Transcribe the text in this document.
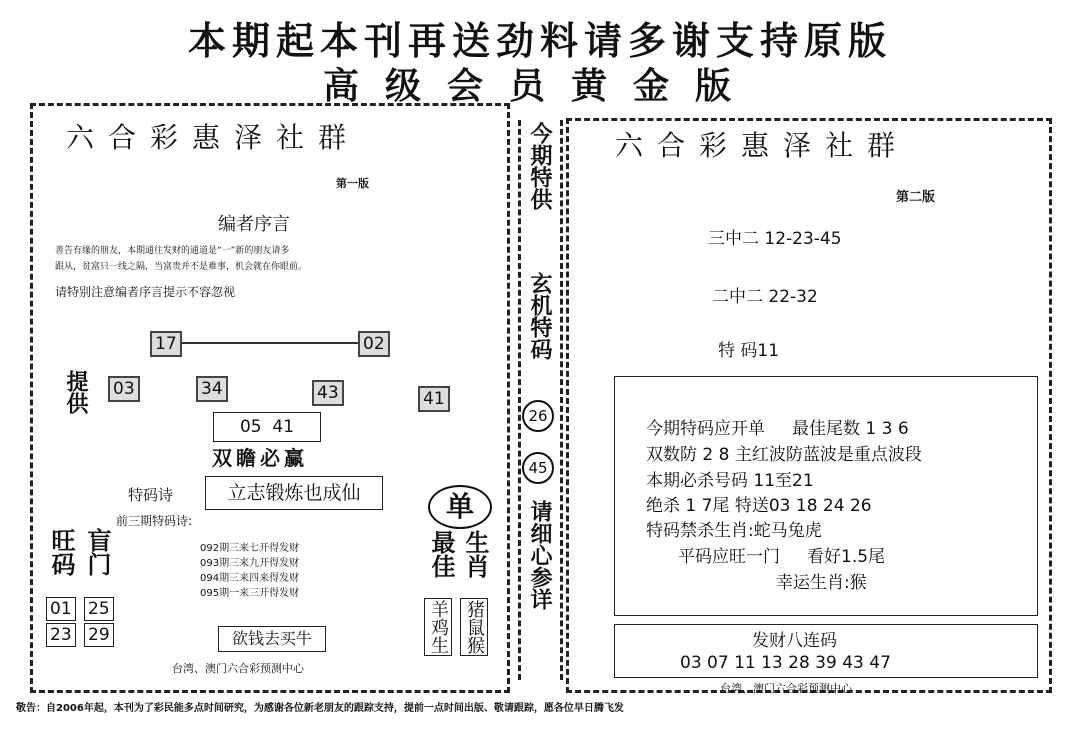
本期起本刊再送劲料请多谢支持原版
高级会员黄金版
六合彩惠泽社群
第一版
编者序言
善告有缘的朋友，本期通往发财的通道是“一”新的朋友请多
跟从，贫富只一线之隔，当富贵并不是难事，机会就在你眼前。
请特别注意编者序言提示不容忽视
17	02
提供 03	34	43	41
05  41
双瞻必赢
特码诗	立志锻炼也成仙
前三期特码诗:
092期三来七开得发财
093期三来九开得发财
094期三来四来得发财
095期一来三开得发财
旺码 盲门
01
23
25
29	欲钱去买牛
台湾、澳门六合彩预测中心
单
最佳 生肖
羊鸡生 猪鼠猴
今期特供
玄机特码
26
45
请细心参详
六合彩惠泽社群
第二版
三中二 12-23-45
二中二 22-32
特 码11
今期特码应开单     最佳尾数 1 3 6
双数防 2 8 主红波防蓝波是重点波段
本期必杀号码 11至21
绝杀 1 7尾 特送03 18 24 26
特码禁杀生肖:蛇马兔虎
平码应旺一门     看好1.5尾
幸运生肖:猴
发财八连码
03 07 11 13 28 39 43 47
台湾、澳门六合彩预测中心
敬告：自2006年起，本刊为了彩民能多点时间研究，为感谢各位新老朋友的跟踪支持，提前一点时间出版、敬请跟踪，愿各位早日腾飞发
